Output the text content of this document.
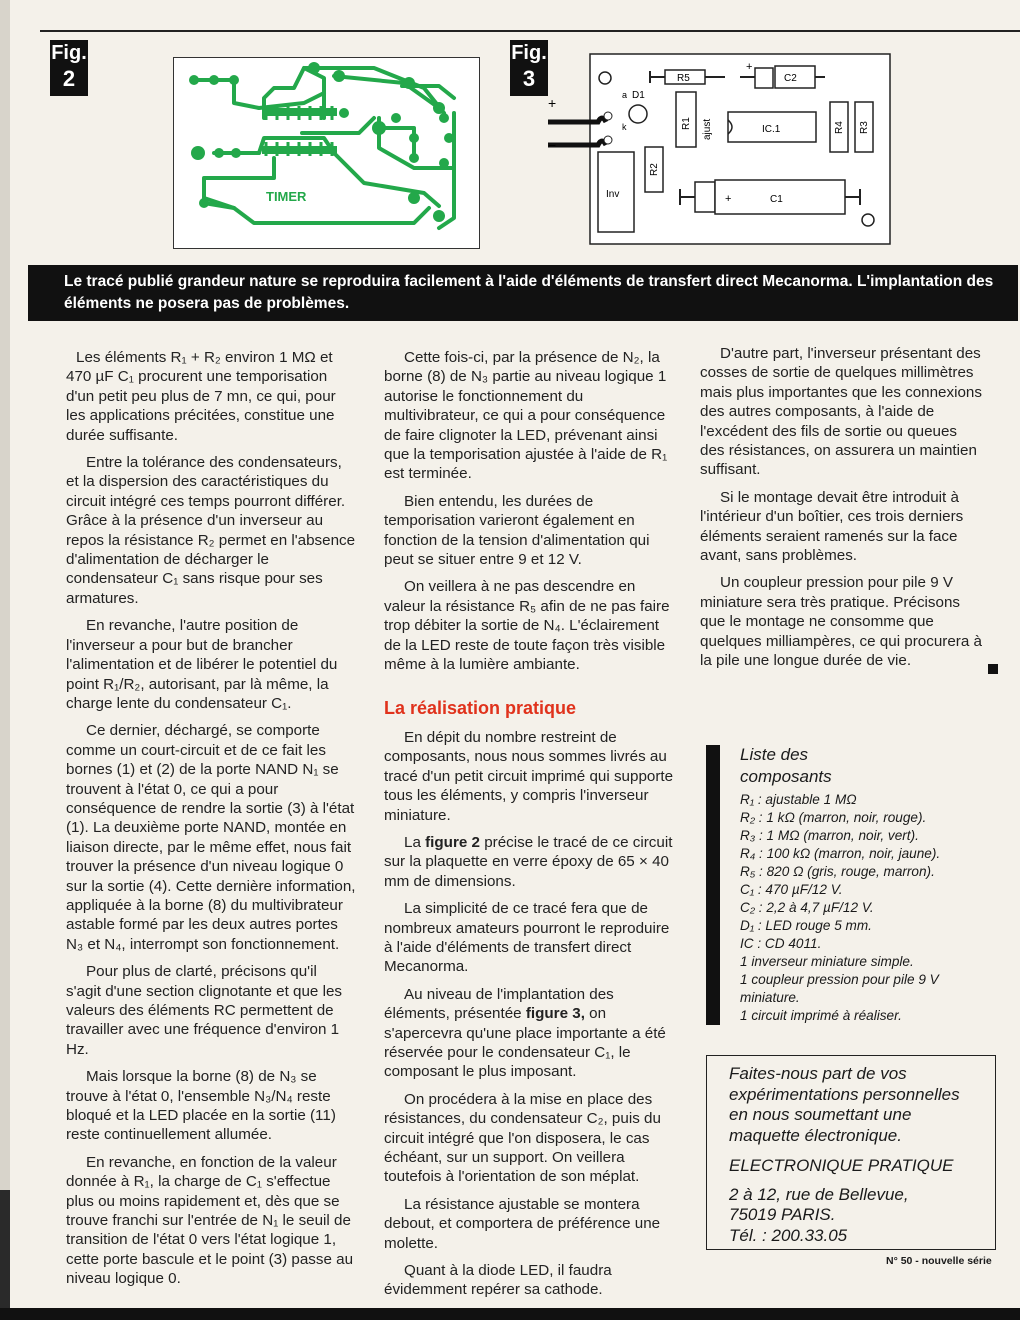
Fig.
2
TIMER
Fig.
3
+
−
R5
+
C2
a D1
k	R1 ajust	IC.1	R4 R3
Inv
R2
+	C1
Le tracé publié grandeur nature se reproduira facilement à l'aide d'éléments de transfert direct Mecanorma. L'implantation des éléments ne posera pas de problèmes.

Les éléments R₁ + R₂ environ 1 MΩ et 470 µF C₁ procurent une temporisation d'un petit peu plus de 7 mn, ce qui, pour les applications précitées, constitue une durée suffisante.

Entre la tolérance des condensateurs, et la dispersion des caractéristiques du circuit intégré ces temps pourront différer. Grâce à la présence d'un inverseur au repos la résistance R₂ permet en l'absence d'alimentation de décharger le condensateur C₁ sans risque pour ses armatures.

En revanche, l'autre position de l'inverseur a pour but de brancher l'alimentation et de libérer le potentiel du point R₁/R₂, autorisant, par là même, la charge lente du condensateur C₁.

Ce dernier, déchargé, se comporte comme un court-circuit et de ce fait les bornes (1) et (2) de la porte NAND N₁ se trouvent à l'état 0, ce qui a pour conséquence de rendre la sortie (3) à l'état (1). La deuxième porte NAND, montée en liaison directe, par le même effet, nous fait trouver la présence d'un niveau logique 0 sur la sortie (4). Cette dernière information, appliquée à la borne (8) du multivibrateur astable formé par les deux autres portes N₃ et N₄, interrompt son fonctionnement.

Pour plus de clarté, précisons qu'il s'agit d'une section clignotante et que les valeurs des éléments RC permettent de travailler avec une fréquence d'environ 1 Hz.

Mais lorsque la borne (8) de N₃ se trouve à l'état 0, l'ensemble N₃/N₄ reste bloqué et la LED placée en la sortie (11) reste continuellement allumée.

En revanche, en fonction de la valeur donnée à R₁, la charge de C₁ s'effectue plus ou moins rapidement et, dès que se trouve franchi sur l'entrée de N₁ le seuil de transition de l'état 0 vers l'état logique 1, cette porte bascule et le point (3) passe au niveau logique 0.

Cette fois-ci, par la présence de N₂, la borne (8) de N₃ partie au niveau logique 1 autorise le fonctionnement du multivibrateur, ce qui a pour conséquence de faire clignoter la LED, prévenant ainsi que la temporisation ajustée à l'aide de R₁ est terminée.

Bien entendu, les durées de temporisation varieront également en fonction de la tension d'alimentation qui peut se situer entre 9 et 12 V.

On veillera à ne pas descendre en valeur la résistance R₅ afin de ne pas faire trop débiter la sortie de N₄. L'éclairement de la LED reste de toute façon très visible même à la lumière ambiante.

La réalisation pratique

En dépit du nombre restreint de composants, nous nous sommes livrés au tracé d'un petit circuit imprimé qui supporte tous les éléments, y compris l'inverseur miniature.

La figure 2 précise le tracé de ce circuit sur la plaquette en verre époxy de 65 × 40 mm de dimensions.

La simplicité de ce tracé fera que de nombreux amateurs pourront le reproduire à l'aide d'éléments de transfert direct Mecanorma.

Au niveau de l'implantation des éléments, présentée figure 3, on s'apercevra qu'une place importante a été réservée pour le condensateur C₁, le composant le plus imposant.

On procédera à la mise en place des résistances, du condensateur C₂, puis du circuit intégré que l'on disposera, le cas échéant, sur un support. On veillera toutefois à l'orientation de son méplat.

La résistance ajustable se montera debout, et comportera de préférence une molette.

Quant à la diode LED, il faudra évidemment repérer sa cathode.

D'autre part, l'inverseur présentant des cosses de sortie de quelques millimètres mais plus importantes que les connexions des autres composants, à l'aide de l'excédent des fils de sortie ou queues des résistances, on assurera un maintien suffisant.

Si le montage devait être introduit à l'intérieur d'un boîtier, ces trois derniers éléments seraient ramenés sur la face avant, sans problèmes.

Un coupleur pression pour pile 9 V miniature sera très pratique. Précisons que le montage ne consomme que quelques milliampères, ce qui procurera à la pile une longue durée de vie.

Liste des
composants
R₁ : ajustable 1 MΩ
R₂ : 1 kΩ (marron, noir, rouge).
R₃ : 1 MΩ (marron, noir, vert).
R₄ : 100 kΩ (marron, noir, jaune).
R₅ : 820 Ω (gris, rouge, marron).
C₁ : 470 µF/12 V.
C₂ : 2,2 à 4,7 µF/12 V.
D₁ : LED rouge 5 mm.
IC : CD 4011.
1 inverseur miniature simple.
1 coupleur pression pour pile 9 V
miniature.
1 circuit imprimé à réaliser.
Faites-nous part de vos
expérimentations personnelles
en nous soumettant une
maquette électronique.
ELECTRONIQUE PRATIQUE
2 à 12, rue de Bellevue,
75019 PARIS.
Tél. : 200.33.05
N° 50 - nouvelle série
